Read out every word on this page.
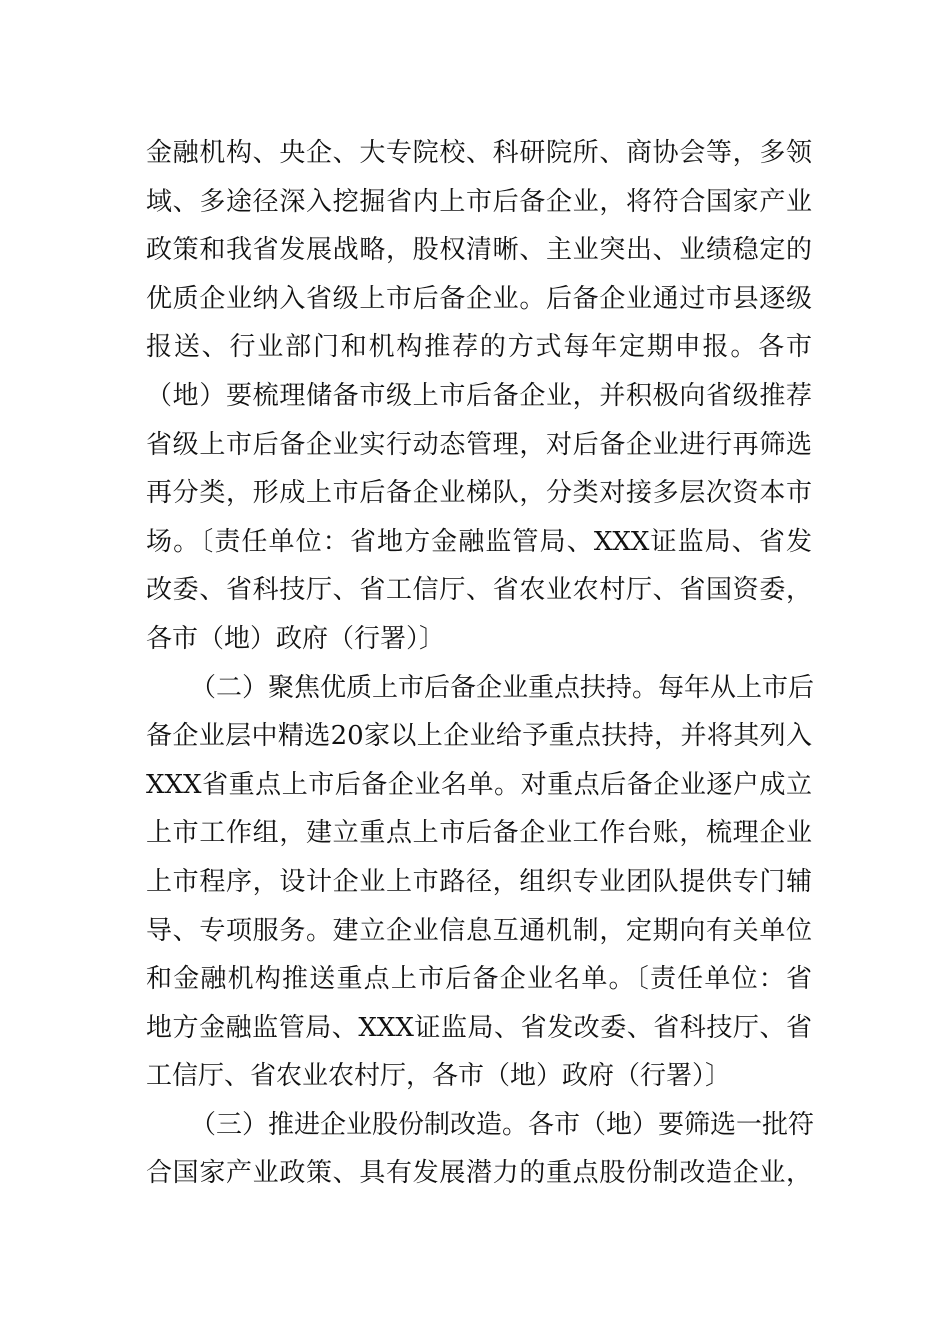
金融机构、央企、大专院校、科研院所、商协会等，多领
域、多途径深入挖掘省内上市后备企业，将符合国家产业
政策和我省发展战略，股权清晰、主业突出、业绩稳定的
优质企业纳入省级上市后备企业。后备企业通过市县逐级
报送、行业部门和机构推荐的方式每年定期申报。各市
（地）要梳理储备市级上市后备企业，并积极向省级推荐
省级上市后备企业实行动态管理，对后备企业进行再筛选
再分类，形成上市后备企业梯队，分类对接多层次资本市
场。〔责任单位：省地方金融监管局、XXX证监局、省发
改委、省科技厅、省工信厅、省农业农村厅、省国资委，
各市（地）政府（行署）〕
（二）聚焦优质上市后备企业重点扶持。每年从上市后
备企业层中精选20家以上企业给予重点扶持，并将其列入
XXX省重点上市后备企业名单。对重点后备企业逐户成立
上市工作组，建立重点上市后备企业工作台账，梳理企业
上市程序，设计企业上市路径，组织专业团队提供专门辅
导、专项服务。建立企业信息互通机制，定期向有关单位
和金融机构推送重点上市后备企业名单。〔责任单位：省
地方金融监管局、XXX证监局、省发改委、省科技厅、省
工信厅、省农业农村厅，各市（地）政府（行署）〕
（三）推进企业股份制改造。各市（地）要筛选一批符
合国家产业政策、具有发展潜力的重点股份制改造企业，
